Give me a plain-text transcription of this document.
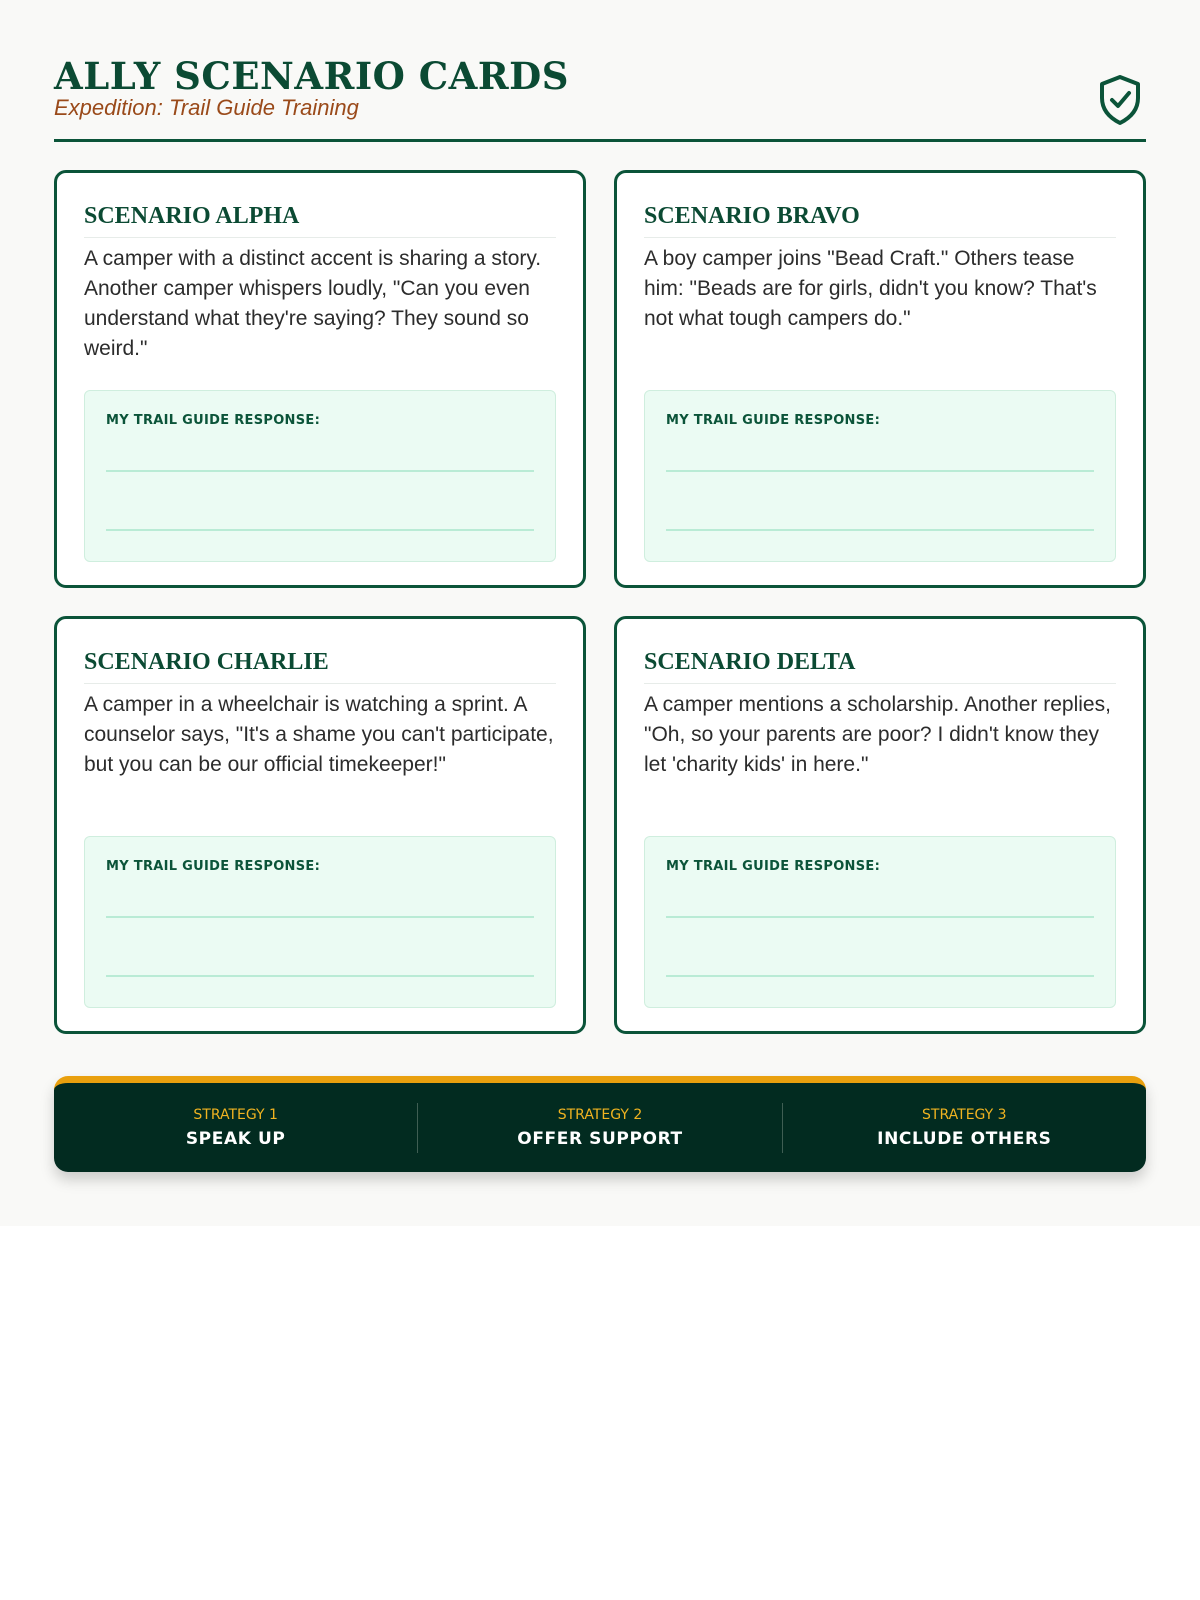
ALLY SCENARIO CARDS
Expedition: Trail Guide Training
SCENARIO ALPHA
A camper with a distinct accent is sharing a story. Another camper whispers loudly, "Can you even understand what they're saying? They sound so weird."
MY TRAIL GUIDE RESPONSE:
SCENARIO BRAVO
A boy camper joins "Bead Craft." Others tease him: "Beads are for girls, didn't you know? That's not what tough campers do."
MY TRAIL GUIDE RESPONSE:
SCENARIO CHARLIE
A camper in a wheelchair is watching a sprint. A counselor says, "It's a shame you can't participate, but you can be our official timekeeper!"
MY TRAIL GUIDE RESPONSE:
SCENARIO DELTA
A camper mentions a scholarship. Another replies, "Oh, so your parents are poor? I didn't know they let 'charity kids' in here."
MY TRAIL GUIDE RESPONSE:
STRATEGY 1
SPEAK UP
STRATEGY 2
OFFER SUPPORT
STRATEGY 3
INCLUDE OTHERS
